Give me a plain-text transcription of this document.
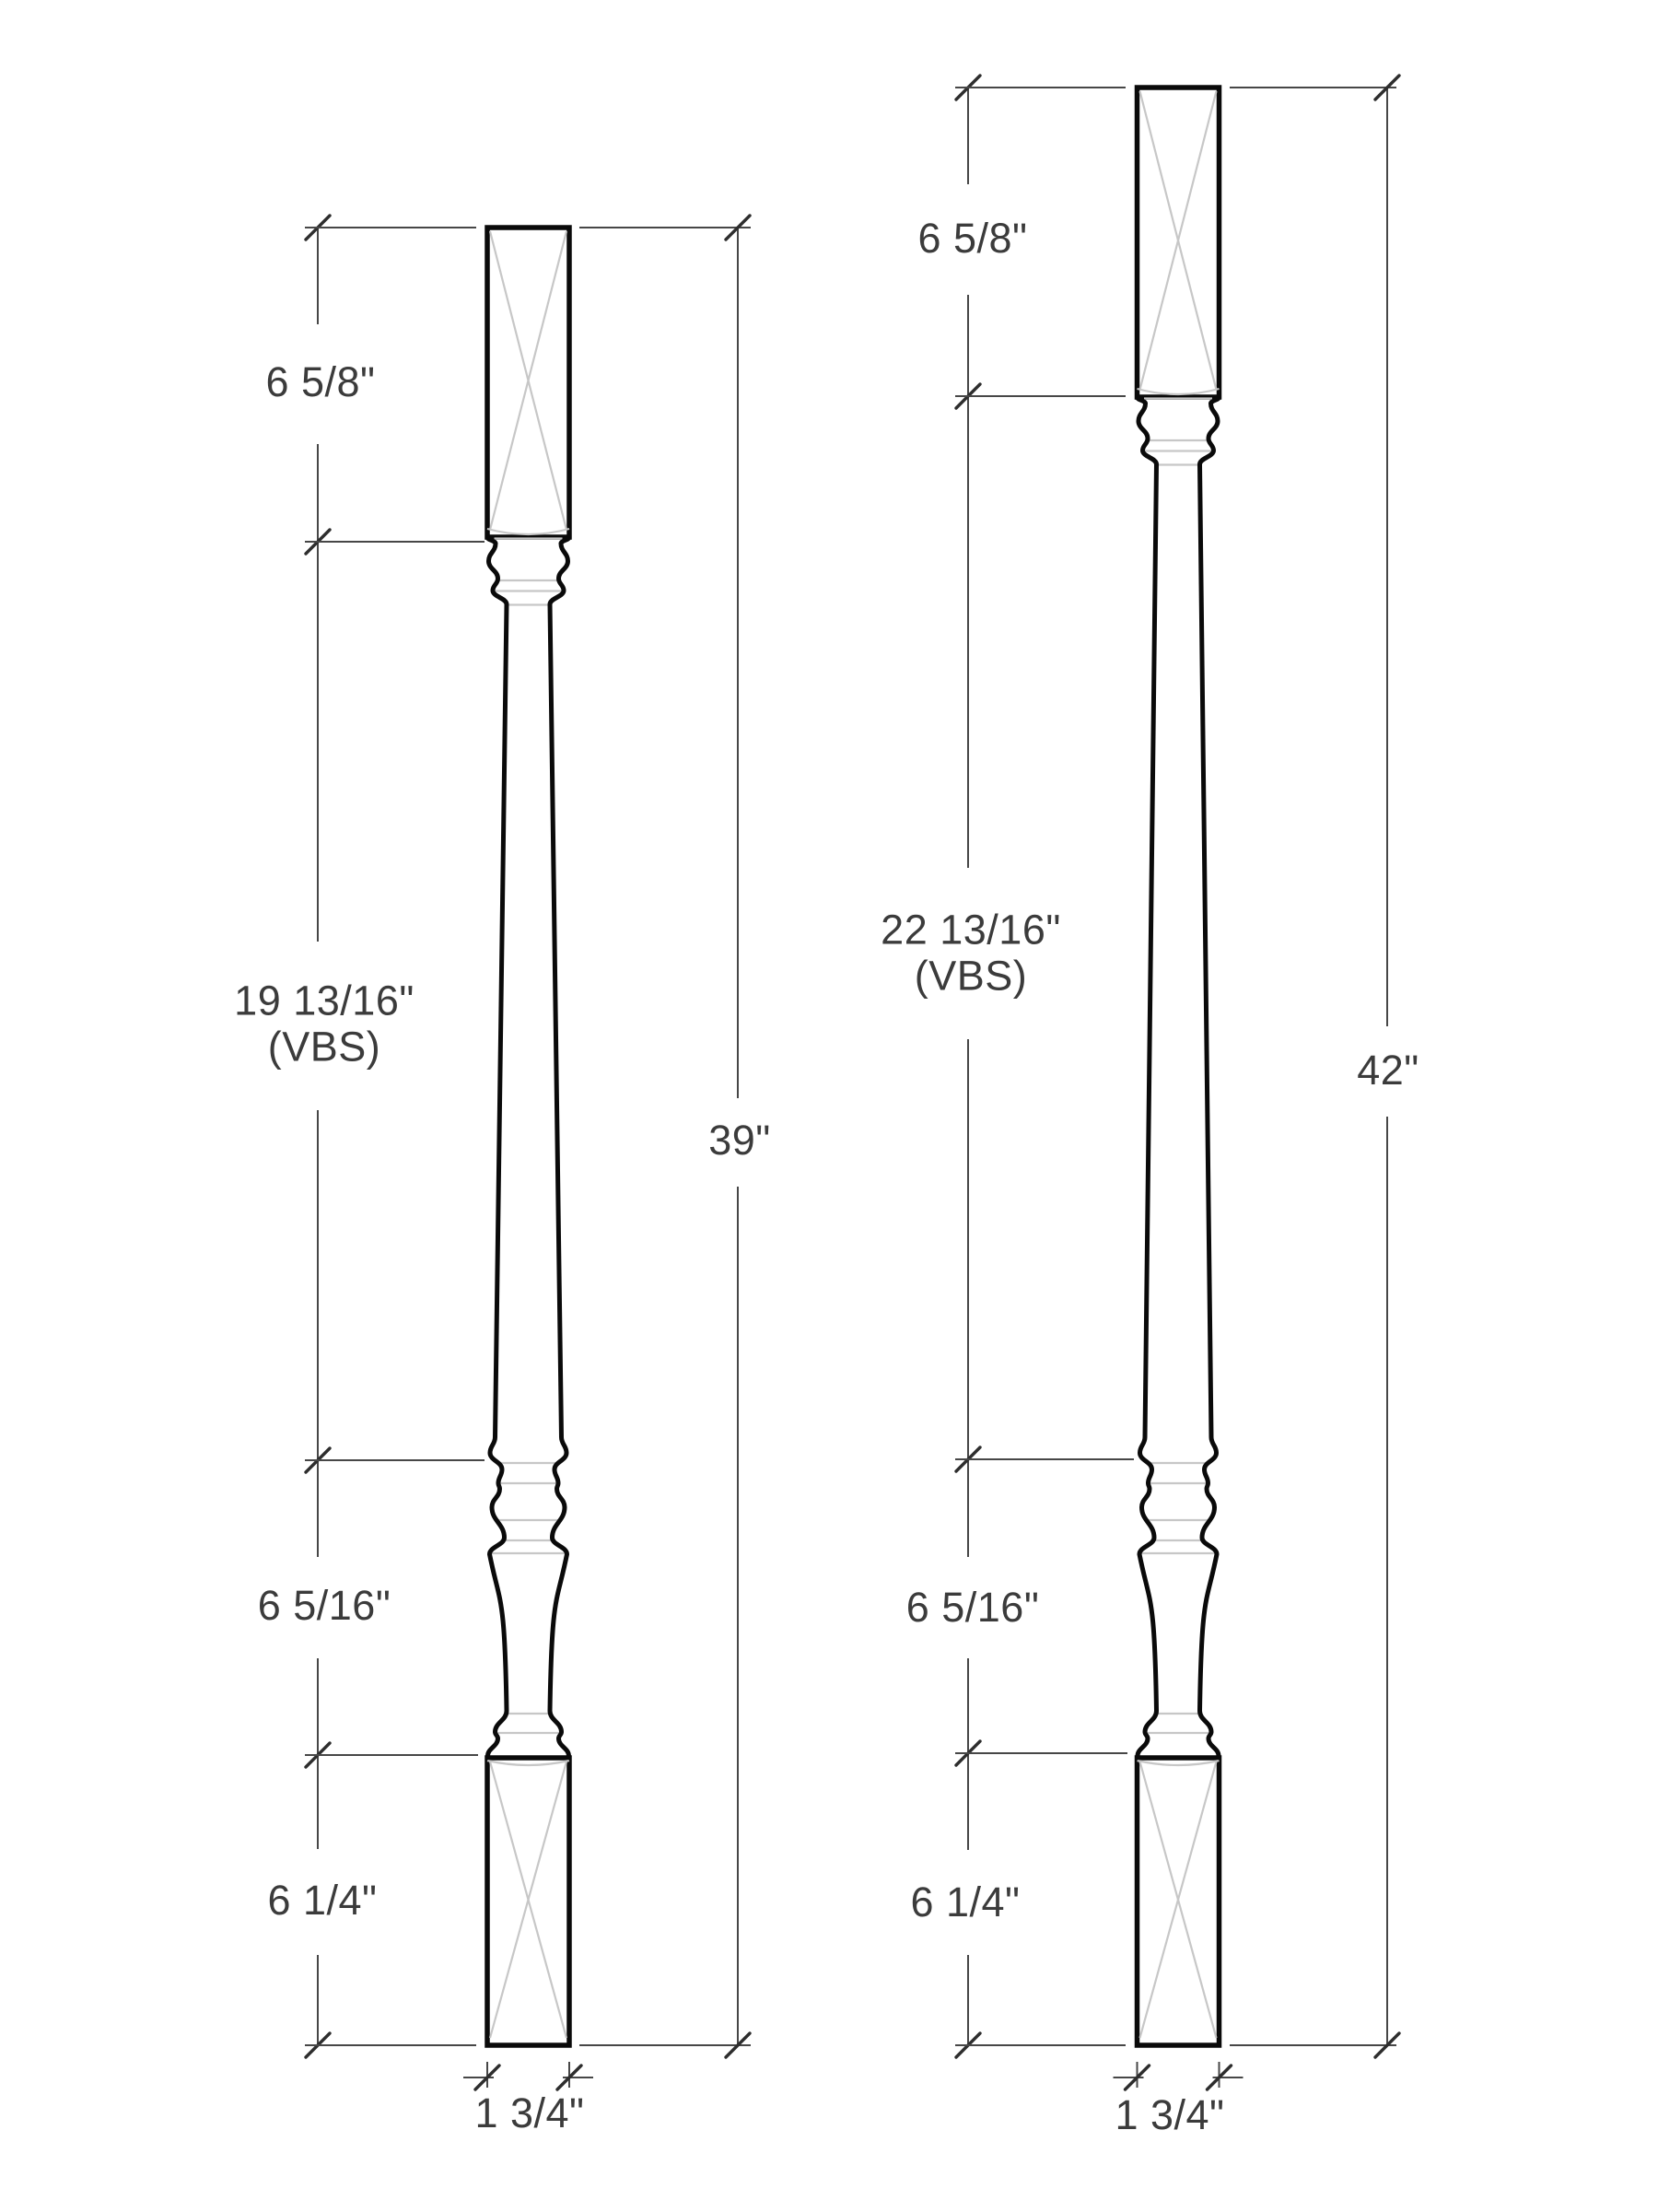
6 5/8"
19 13/16"
(VBS)
6 5/16"
6 1/4"
1 3/4"
39"
6 5/8"
22 13/16"
(VBS)
6 5/16"
6 1/4"
1 3/4"
42"
